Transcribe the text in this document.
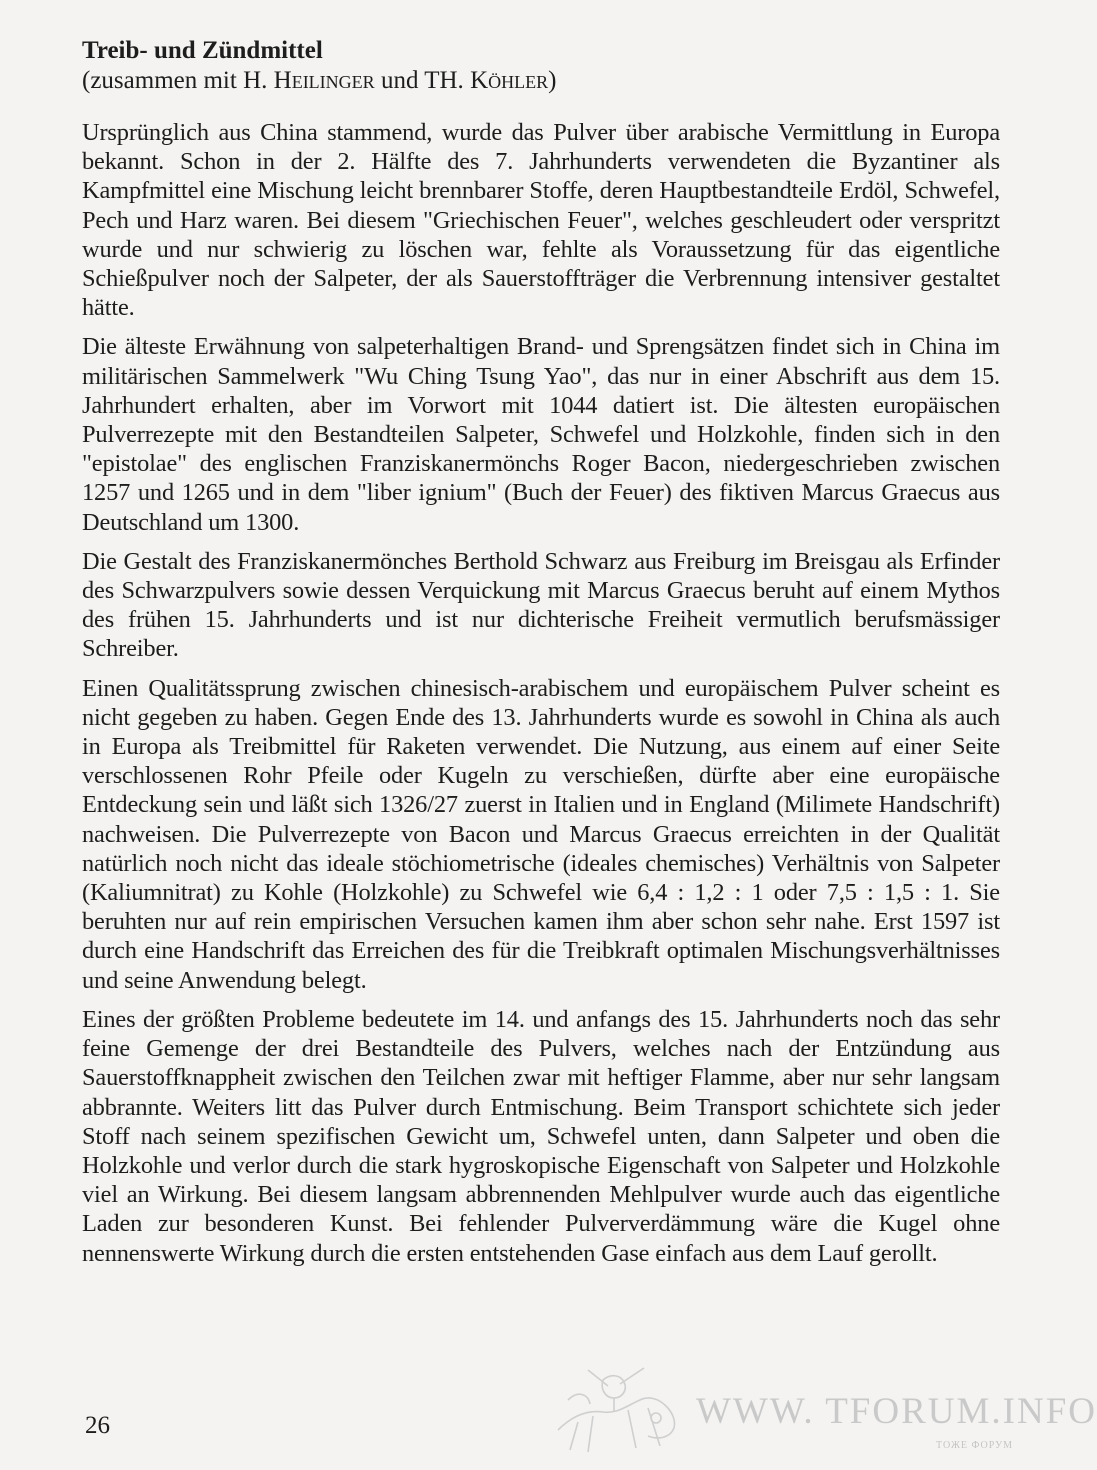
Treib- und Zündmittel

(zusammen mit H. Heilinger und TH. Köhler)

Ursprünglich aus China stammend, wurde das Pulver über arabische Vermittlung in Europa bekannt. Schon in der 2. Hälfte des 7. Jahrhunderts verwendeten die Byzantiner als Kampfmittel eine Mischung leicht brennbarer Stoffe, deren Hauptbestandteile Erdöl, Schwefel, Pech und Harz waren. Bei diesem "Griechischen Feuer", welches geschleudert oder verspritzt wurde und nur schwierig zu löschen war, fehlte als Voraussetzung für das eigentliche Schießpulver noch der Salpeter, der als Sauerstoffträger die Verbrennung intensiver gestaltet hätte.

Die älteste Erwähnung von salpeterhaltigen Brand- und Sprengsätzen findet sich in China im militärischen Sammelwerk "Wu Ching Tsung Yao", das nur in einer Abschrift aus dem 15. Jahrhundert erhalten, aber im Vorwort mit 1044 datiert ist. Die ältesten europäischen Pulverrezepte mit den Bestandteilen Salpeter, Schwefel und Holzkohle, finden sich in den "epistolae" des englischen Franziskanermönchs Roger Bacon, niedergeschrieben zwischen 1257 und 1265 und in dem "liber ignium" (Buch der Feuer) des fiktiven Marcus Graecus aus Deutschland um 1300.

Die Gestalt des Franziskanermönches Berthold Schwarz aus Freiburg im Breisgau als Erfinder des Schwarzpulvers sowie dessen Verquickung mit Marcus Graecus beruht auf einem Mythos des frühen 15. Jahrhunderts und ist nur dichterische Freiheit vermutlich berufsmässiger Schreiber.

Einen Qualitätssprung zwischen chinesisch-arabischem und europäischem Pulver scheint es nicht gegeben zu haben. Gegen Ende des 13. Jahrhunderts wurde es sowohl in China als auch in Europa als Treibmittel für Raketen verwendet. Die Nutzung, aus einem auf einer Seite verschlossenen Rohr Pfeile oder Kugeln zu verschießen, dürfte aber eine europäische Entdeckung sein und läßt sich 1326/27 zuerst in Italien und in England (Milimete Handschrift) nachweisen. Die Pulverrezepte von Bacon und Marcus Graecus erreichten in der Qualität natürlich noch nicht das ideale stöchiometrische (ideales chemisches) Verhältnis von Salpeter (Kaliumnitrat) zu Kohle (Holzkohle) zu Schwefel wie 6,4 : 1,2 : 1 oder 7,5 : 1,5 : 1. Sie beruhten nur auf rein empirischen Versuchen kamen ihm aber schon sehr nahe. Erst 1597 ist durch eine Handschrift das Erreichen des für die Treibkraft optimalen Mischungsverhältnisses und seine Anwendung belegt.

Eines der größten Probleme bedeutete im 14. und anfangs des 15. Jahrhunderts noch das sehr feine Gemenge der drei Bestandteile des Pulvers, welches nach der Entzündung aus Sauerstoffknappheit zwischen den Teilchen zwar mit heftiger Flamme, aber nur sehr langsam abbrannte. Weiters litt das Pulver durch Entmischung. Beim Transport schichtete sich jeder Stoff nach seinem spezifischen Gewicht um, Schwefel unten, dann Salpeter und oben die Holzkohle und verlor durch die stark hygroskopische Eigenschaft von Salpeter und Holzkohle viel an Wirkung. Bei diesem langsam abbrennenden Mehlpulver wurde auch das eigentliche Laden zur besonderen Kunst. Bei fehlender Pulververdämmung wäre die Kugel ohne nennenswerte Wirkung durch die ersten entstehenden Gase einfach aus dem Lauf gerollt.

26	WWW. TFORUM.INFO
ТОЖЕ ФОРУМ
